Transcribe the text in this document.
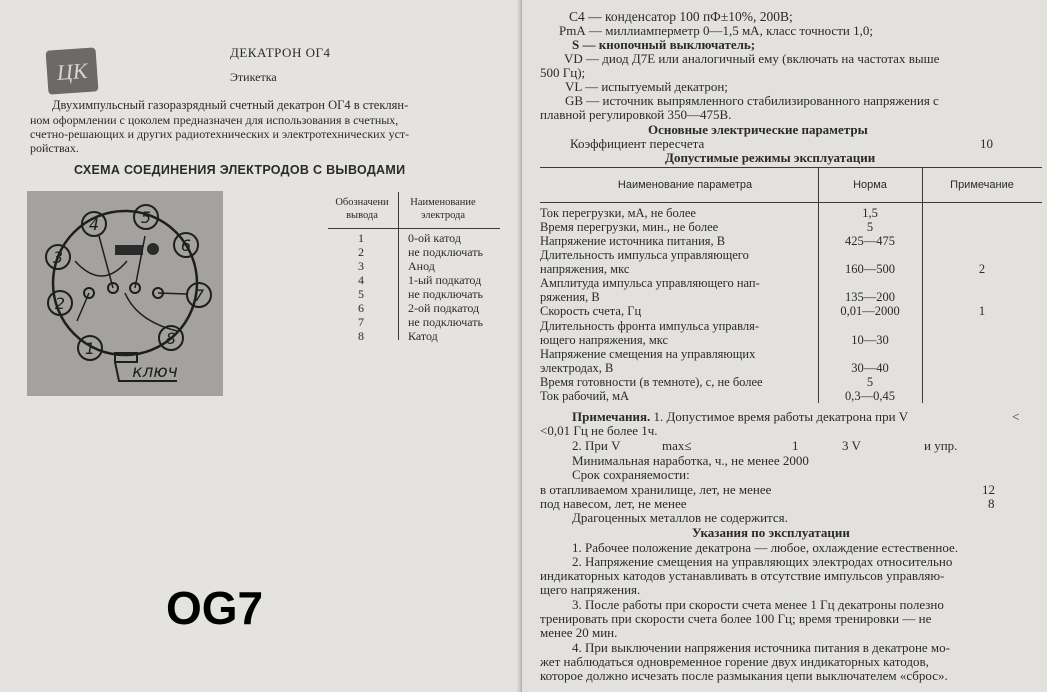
ЦК
ДЕКАТРОН ОГ4
Этикетка
Двухимпульсный газоразрядный счетный декатрон ОГ4 в стеклян-
ном оформлении с цоколем предназначен для использования в счетных,
счетно-решающих и других радиотехнических и электротехнических уст-
ройствах.
СХЕМА СОЕДИНЕНИЯ ЭЛЕКТРОДОВ С ВЫВОДАМИ
1
2
3
4	5
6
7
8
ключ
Обозначени
вывода
Наименование
электрода
1	0-ой катод
2	не подключать
3	Анод
4	1-ый подкатод
5	не подключать
6	2-ой подкатод
7	не подключать
8	Катод
OG7
С4 — конденсатор 100 пФ±10%, 200В;
РmА — миллиамперметр 0—1,5 мА, класс точности 1,0;
S — кнопочный выключатель;
VD — диод Д7Е или аналогичный ему (включать на частотах выше
500 Гц);
VL — испытуемый декатрон;
GB — источник выпрямленного стабилизированного напряжения с
плавной регулировкой 350—475В.
Основные электрические параметры
Коэффициент пересчета	10
Допустимые режимы эксплуатации
Наименование параметра	Норма	Примечание
Ток перегрузки, мА, не более	1,5
Время перегрузки, мин., не более	5
Напряжение источника питания, В	425—475
Длительность импульса управляющего
напряжения, мкс	160—500	2
Амплитуда импульса управляющего нап-
ряжения, В	135—200
Скорость счета, Гц	0,01—2000	1
Длительность фронта импульса управля-
ющего напряжения, мкс	10—30
Напряжение смещения на управляющих
электродах, В	30—40
Время готовности (в темноте), с, не более	5
Ток рабочий, мА	0,3—0,45
Примечания. 1. Допустимое время работы декатрона при V	<
<0,01 Гц не более 1ч.
2. При V	max≤	1	3 V	и упр.
Минимальная наработка, ч., не менее 2000
Срок сохраняемости:
в отапливаемом хранилище, лет, не менее	12
под навесом, лет, не менее	8
Драгоценных металлов не содержится.
Указания по эксплуатации
1. Рабочее положение декатрона — любое, охлаждение естественное.
2. Напряжение смещения на управляющих электродах относительно
индикаторных катодов устанавливать в отсутствие импульсов управляю-
щего напряжения.
3. После работы при скорости счета менее 1 Гц декатроны полезно
тренировать при скорости счета более 100 Гц; время тренировки — не
менее 20 мин.
4. При выключении напряжения источника питания в декатроне мо-
жет наблюдаться одновременное горение двух индикаторных катодов,
которое должно исчезать после размыкания цепи выключателем «сброс».
